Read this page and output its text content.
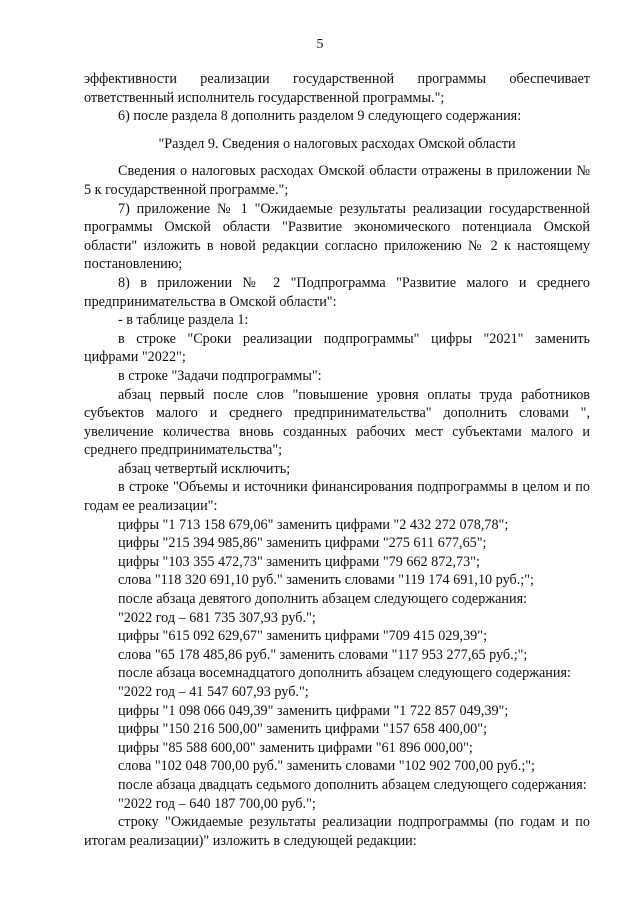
5

эффективности реализации государственной программы обеспечивает ответственный исполнитель государственной программы.";

6) после раздела 8 дополнить разделом 9 следующего содержания:

"Раздел 9. Сведения о налоговых расходах Омской области

Сведения о налоговых расходах Омской области отражены в приложении № 5 к государственной программе.";

7) приложение № 1 "Ожидаемые результаты реализации государственной программы Омской области "Развитие экономического потенциала Омской области" изложить в новой редакции согласно приложению № 2 к настоящему постановлению;

8) в приложении № 2 "Подпрограмма "Развитие малого и среднего предпринимательства в Омской области":

- в таблице раздела 1:

в строке "Сроки реализации подпрограммы" цифры "2021" заменить цифрами "2022";

в строке "Задачи подпрограммы":

абзац первый после слов "повышение уровня оплаты труда работников субъектов малого и среднего предпринимательства" дополнить словами ", увеличение количества вновь созданных рабочих мест субъектами малого и среднего предпринимательства";

абзац четвертый исключить;

в строке "Объемы и источники финансирования подпрограммы в целом и по годам ее реализации":

цифры "1 713 158 679,06" заменить цифрами "2 432 272 078,78";

цифры "215 394 985,86" заменить цифрами "275 611 677,65";

цифры "103 355 472,73" заменить цифрами "79 662 872,73";

слова "118 320 691,10 руб." заменить словами "119 174 691,10 руб.;";

после абзаца девятого дополнить абзацем следующего содержания:

"2022 год – 681 735 307,93 руб.";

цифры "615 092 629,67" заменить цифрами "709 415 029,39";

слова "65 178 485,86 руб." заменить словами "117 953 277,65 руб.;";

после абзаца восемнадцатого дополнить абзацем следующего содержания:

"2022 год – 41 547 607,93 руб.";

цифры "1 098 066 049,39" заменить цифрами "1 722 857 049,39";

цифры "150 216 500,00" заменить цифрами "157 658 400,00";

цифры "85 588 600,00" заменить цифрами "61 896 000,00";

слова "102 048 700,00 руб." заменить словами "102 902 700,00 руб.;";

после абзаца двадцать седьмого дополнить абзацем следующего содержания:

"2022 год – 640 187 700,00 руб.";

строку "Ожидаемые результаты реализации подпрограммы (по годам и по итогам реализации)" изложить в следующей редакции:
